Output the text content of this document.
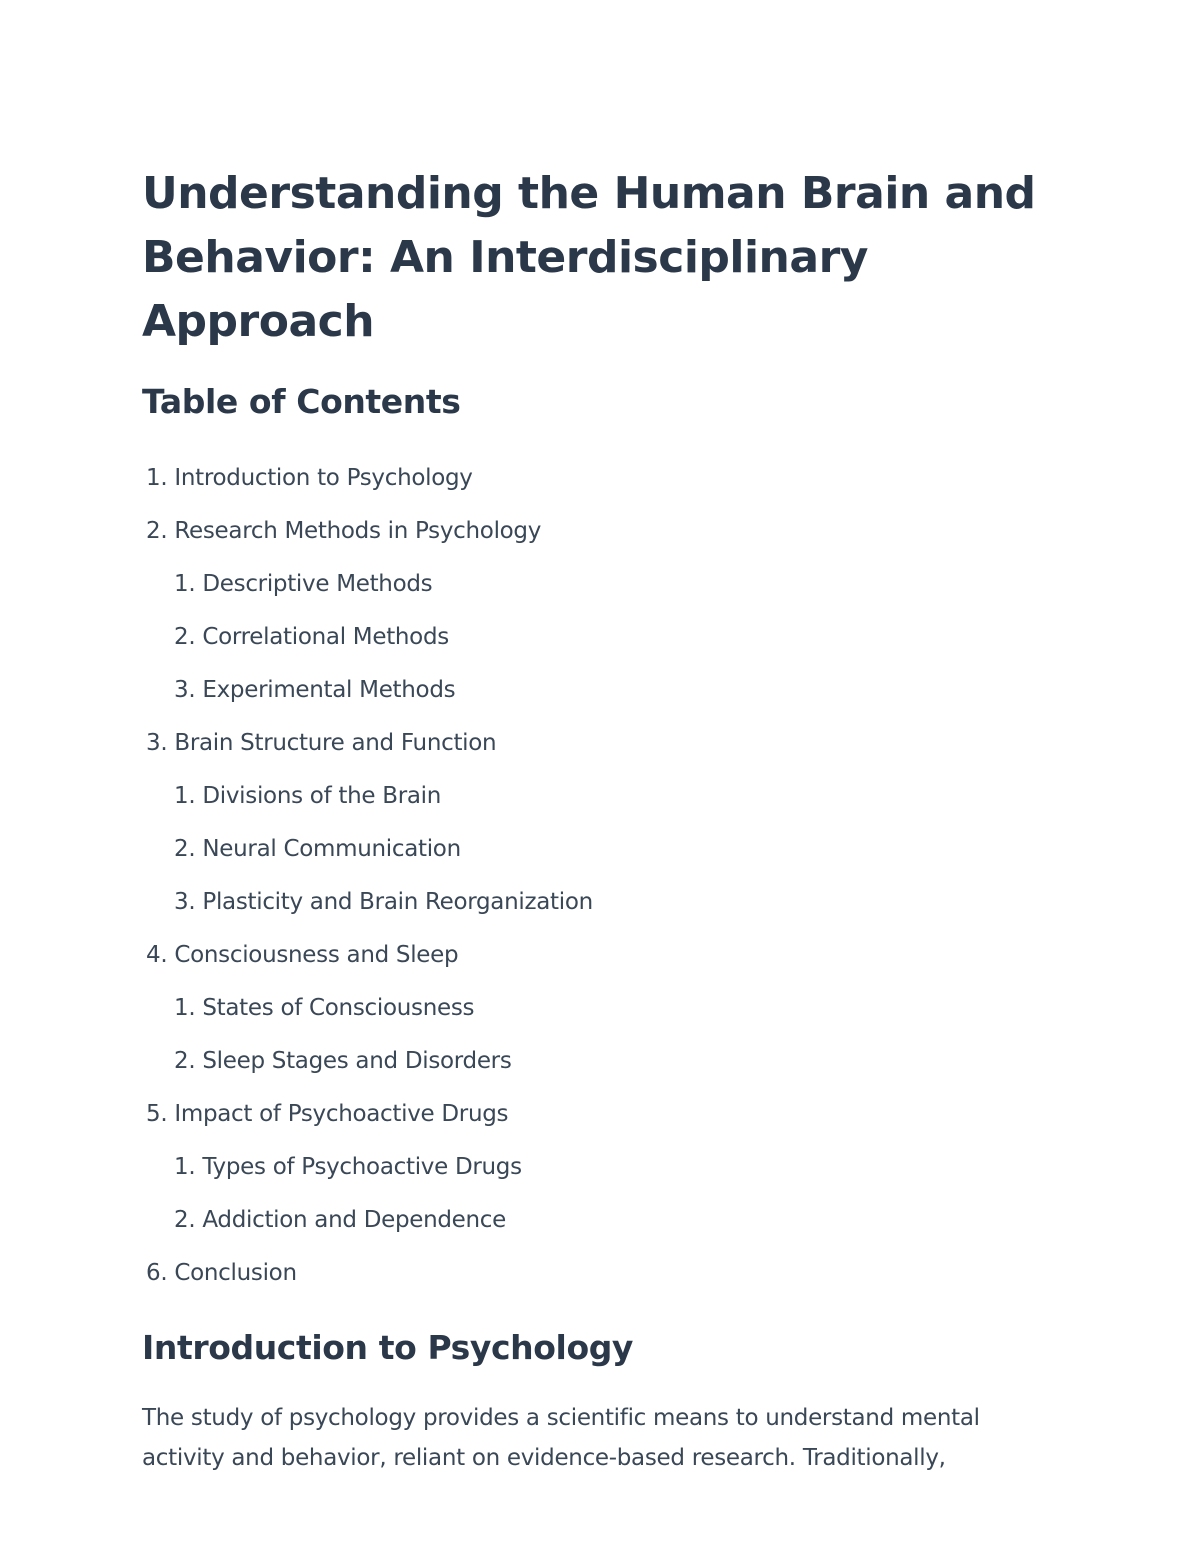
Understanding the Human Brain and
Behavior: An Interdisciplinary Approach
Table of Contents
1. Introduction to Psychology
2. Research Methods in Psychology
1. Descriptive Methods
2. Correlational Methods
3. Experimental Methods
3. Brain Structure and Function
1. Divisions of the Brain
2. Neural Communication
3. Plasticity and Brain Reorganization
4. Consciousness and Sleep
1. States of Consciousness
2. Sleep Stages and Disorders
5. Impact of Psychoactive Drugs
1. Types of Psychoactive Drugs
2. Addiction and Dependence
6. Conclusion
Introduction to Psychology

The study of psychology provides a scientific means to understand mental
activity and behavior, reliant on evidence-based research. Traditionally,
